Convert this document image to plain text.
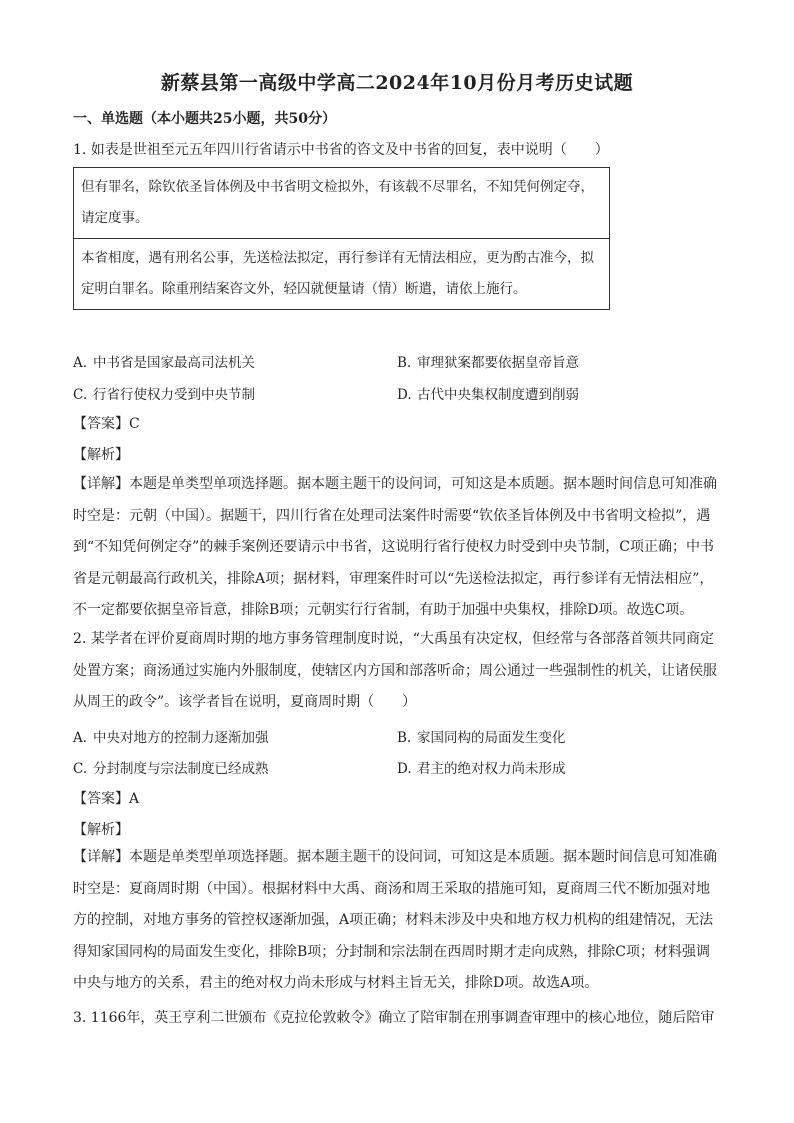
新蔡县第一高级中学高二2024年10月份月考历史试题
一、单选题（本小题共25小题，共50分）
1. 如表是世祖至元五年四川行省请示中书省的咨文及中书省的回复，表中说明（　　）
但有罪名，除钦依圣旨体例及中书省明文检拟外，有该载不尽罪名，不知凭何例定夺，请定度事。
本省相度，遇有刑名公事，先送检法拟定，再行参详有无情法相应，更为酌古准今，拟定明白罪名。除重刑结案咨文外，轻囚就便量请（情）断遣，请依上施行。
A. 中书省是国家最高司法机关	B. 审理狱案都要依据皇帝旨意
C. 行省行使权力受到中央节制	D. 古代中央集权制度遭到削弱
【答案】C
【解析】
【详解】本题是单类型单项选择题。据本题主题干的设问词，可知这是本质题。据本题时间信息可知准确时空是：元朝（中国）。据题干，四川行省在处理司法案件时需要“钦依圣旨体例及中书省明文检拟”，遇到“不知凭何例定夺”的棘手案例还要请示中书省，这说明行省行使权力时受到中央节制，C项正确；中书省是元朝最高行政机关，排除A项；据材料，审理案件时可以“先送检法拟定，再行参详有无情法相应”，不一定都要依据皇帝旨意，排除B项；元朝实行行省制，有助于加强中央集权，排除D项。故选C项。
2. 某学者在评价夏商周时期的地方事务管理制度时说，“大禹虽有决定权，但经常与各部落首领共同商定处置方案；商汤通过实施内外服制度，使辖区内方国和部落听命；周公通过一些强制性的机关，让诸侯服从周王的政令”。该学者旨在说明，夏商周时期（　　）
A. 中央对地方的控制力逐渐加强	B. 家国同构的局面发生变化
C. 分封制度与宗法制度已经成熟	D. 君主的绝对权力尚未形成
【答案】A
【解析】
【详解】本题是单类型单项选择题。据本题主题干的设问词，可知这是本质题。据本题时间信息可知准确时空是：夏商周时期（中国）。根据材料中大禹、商汤和周王采取的措施可知，夏商周三代不断加强对地方的控制，对地方事务的管控权逐渐加强，A项正确；材料未涉及中央和地方权力机构的组建情况，无法得知家国同构的局面发生变化，排除B项；分封制和宗法制在西周时期才走向成熟，排除C项；材料强调中央与地方的关系，君主的绝对权力尚未形成与材料主旨无关，排除D项。故选A项。
3. 1166年，英王亨利二世颁布《克拉伦敦敕令》确立了陪审制在刑事调查审理中的核心地位，随后陪审
